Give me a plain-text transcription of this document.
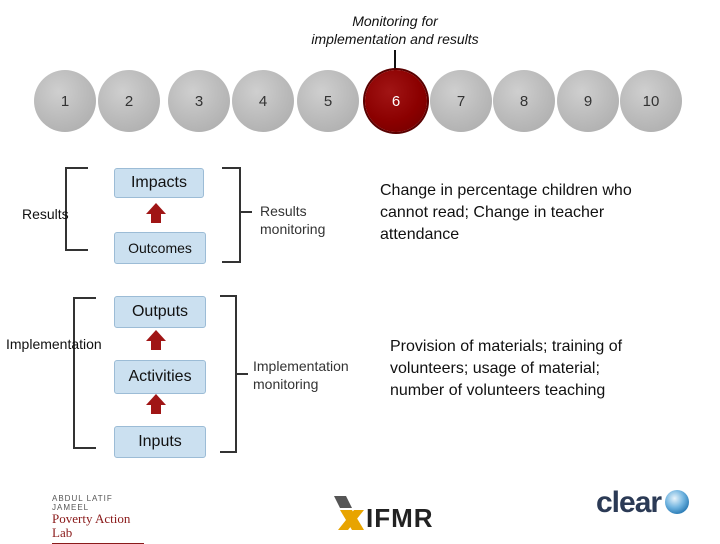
Monitoring for implementation and results
1	2	3	4	5	6	7	8	9	10
Impacts
Outcomes
Outputs
Activities
Inputs
Results
Implementation
Results monitoring
Implementation monitoring
Change in percentage children who cannot read; Change in teacher attendance
Provision of materials; training of volunteers; usage of material; number of volunteers teaching
ABDUL LATIF JAMEEL
Poverty Action Lab	IFMR	clear
